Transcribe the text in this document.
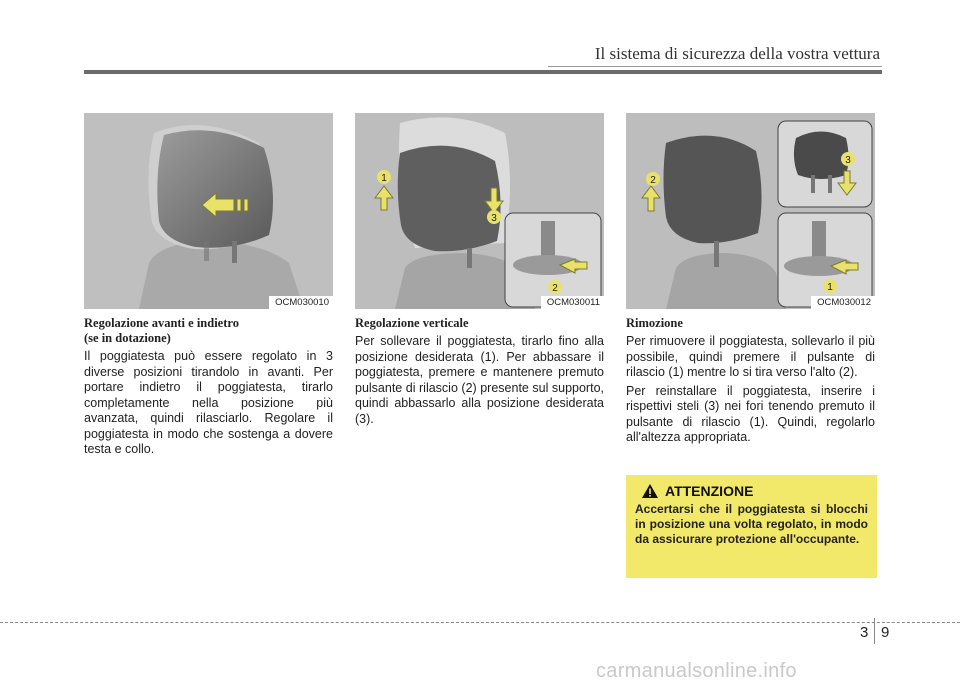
Il sistema di sicurezza della vostra vettura
OCM030010
1
3
2
OCM030011
2
3
1
OCM030012
Regolazione avanti e indietro
(se in dotazione)

Il poggiatesta può essere regolato in 3 diverse posizioni tirandolo in avanti. Per portare indietro il poggiatesta, tirarlo completamente nella posizione più avanzata, quindi rilasciarlo. Regolare il poggiatesta in modo che sostenga a dovere testa e collo.

Regolazione verticale

Per sollevare il poggiatesta, tirarlo fino alla posizione desiderata (1). Per abbassare il poggiatesta, premere e mantenere premuto pulsante di rilascio (2) presente sul supporto, quindi abbassarlo alla posizione desiderata (3).

Rimozione

Per rimuovere il poggiatesta, sollevarlo il più possibile, quindi premere il pulsante di rilascio (1) mentre lo si tira verso l'alto (2).

Per reinstallare il poggiatesta, inserire i rispettivi steli (3) nei fori tenendo premuto il pulsante di rilascio (1). Quindi, regolarlo all'altezza appropriata.

ATTENZIONE
Accertarsi che il poggiatesta si blocchi in posizione una volta regolato, in modo da assicurare protezione all'occupante.
3 9
carmanualsonline.info
